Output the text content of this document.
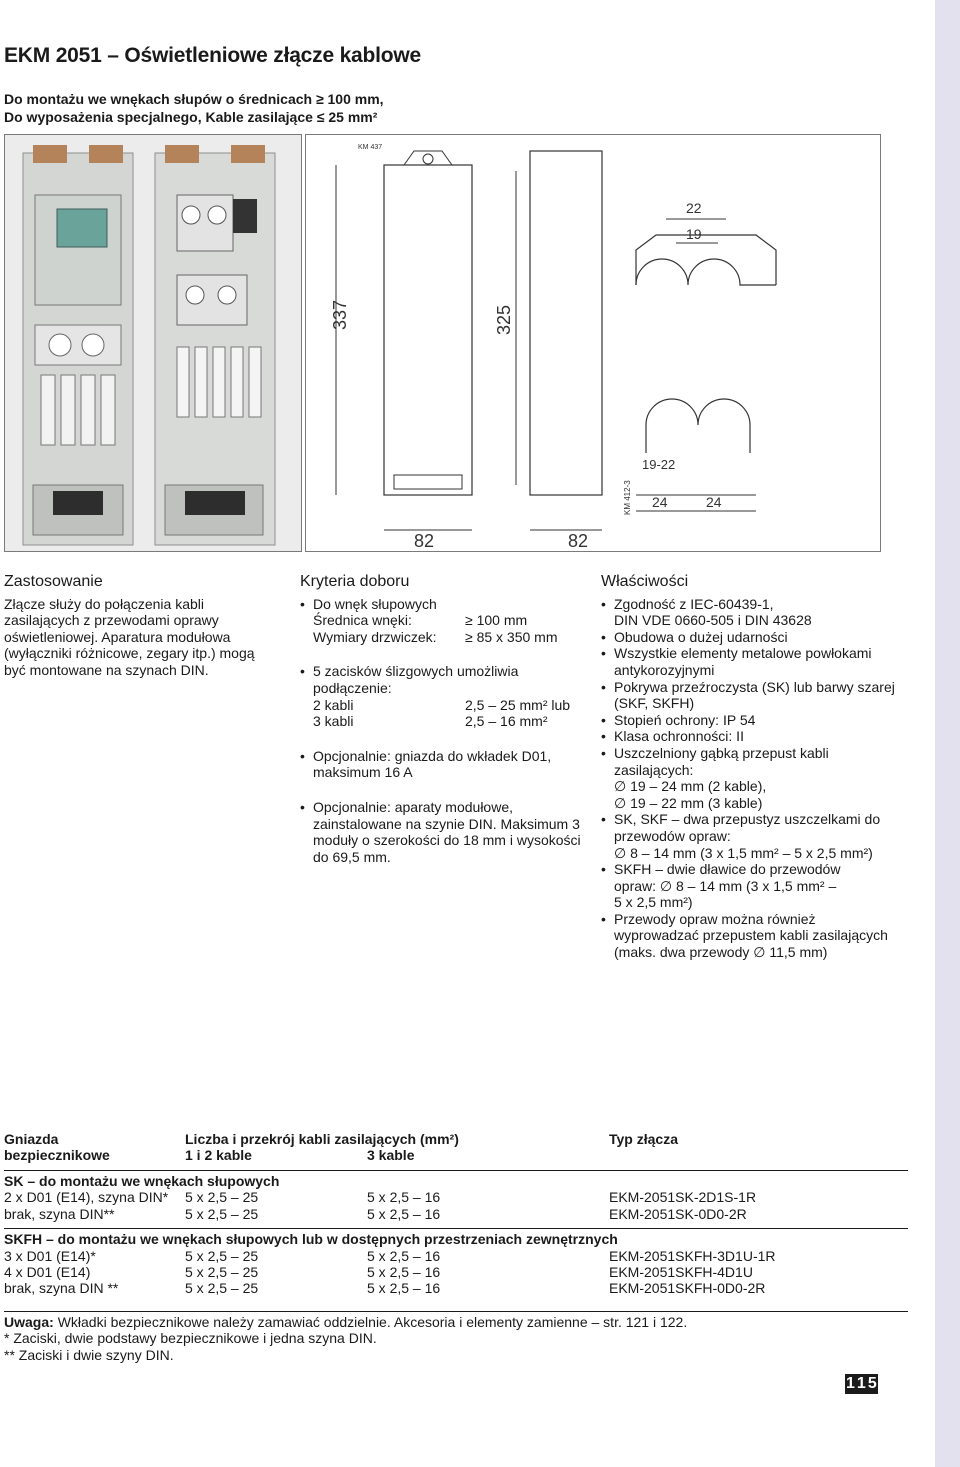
EKM 2051 – Oświetleniowe złącze kablowe
Do montażu we wnękach słupów o średnicach ≥ 100 mm,
Do wyposażenia specjalnego, Kable zasilające ≤ 25 mm²
337
82
KM 437
325
82
22
19
19-22
24	24
KM 412-3
Zastosowanie

Złącze służy do połączenia kabli zasilających z przewodami oprawy oświetleniowej. Aparatura modułowa (wyłączniki różnicowe, zegary itp.) mogą być montowane na szynach DIN.

Kryteria doboru
• Do wnęk słupowych
Średnica wnęki:	≥ 100 mm
Wymiary drzwiczek:	≥ 85 x 350 mm
• 5 zacisków ślizgowych umożliwia podłączenie:
2 kabli	2,5 – 25 mm² lub
3 kabli	2,5 – 16 mm²
• Opcjonalnie: gniazda do wkładek D01, maksimum 16 A
• Opcjonalnie: aparaty modułowe, zainstalowane na szynie DIN. Maksimum 3 moduły o szerokości do 18 mm i wysokości do 69,5 mm.
Właściwości
• Zgodność z IEC-60439-1,
DIN VDE 0660-505 i DIN 43628
• Obudowa o dużej udarności
• Wszystkie elementy metalowe powłokami antykorozyjnymi
• Pokrywa przeźroczysta (SK) lub barwy szarej (SKF, SKFH)
• Stopień ochrony: IP 54
• Klasa ochronności: II
• Uszczelniony gąbką przepust kabli zasilających:
∅ 19 – 24 mm (2 kable),
∅ 19 – 22 mm (3 kable)
• SK, SKF – dwa przepustyz uszczelkami do przewodów opraw:
∅ 8 – 14 mm (3 x 1,5 mm² – 5 x 2,5 mm²)
• SKFH – dwie dławice do przewodów
opraw: ∅ 8 – 14 mm (3 x 1,5 mm² –
5 x 2,5 mm²)
• Przewody opraw można również wyprowadzać przepustem kabli zasilających
(maks. dwa przewody ∅ 11,5 mm)
Gniazda	Liczba i przekrój kabli zasilających (mm²)		Typ złącza
bezpiecznikowe	1 i 2 kable	3 kable	

SK – do montażu we wnękach słupowych			
2 x D01 (E14), szyna DIN*	5 x 2,5 – 25	5 x 2,5 – 16	EKM-2051SK-2D1S-1R
brak, szyna DIN**	5 x 2,5 – 25	5 x 2,5 – 16	EKM-2051SK-0D0-2R

SKFH – do montażu we wnękach słupowych lub w dostępnych przestrzeniach zewnętrznych			
3 x D01 (E14)*	5 x 2,5 – 25	5 x 2,5 – 16	EKM-2051SKFH-3D1U-1R
4 x D01 (E14)	5 x 2,5 – 25	5 x 2,5 – 16	EKM-2051SKFH-4D1U
brak, szyna DIN **	5 x 2,5 – 25	5 x 2,5 – 16	EKM-2051SKFH-0D0-2R
Uwaga: Wkładki bezpiecznikowe należy zamawiać oddzielnie. Akcesoria i elementy zamienne – str. 121 i 122.
* Zaciski, dwie podstawy bezpiecznikowe i jedna szyna DIN.
** Zaciski i dwie szyny DIN.
1 1 5
